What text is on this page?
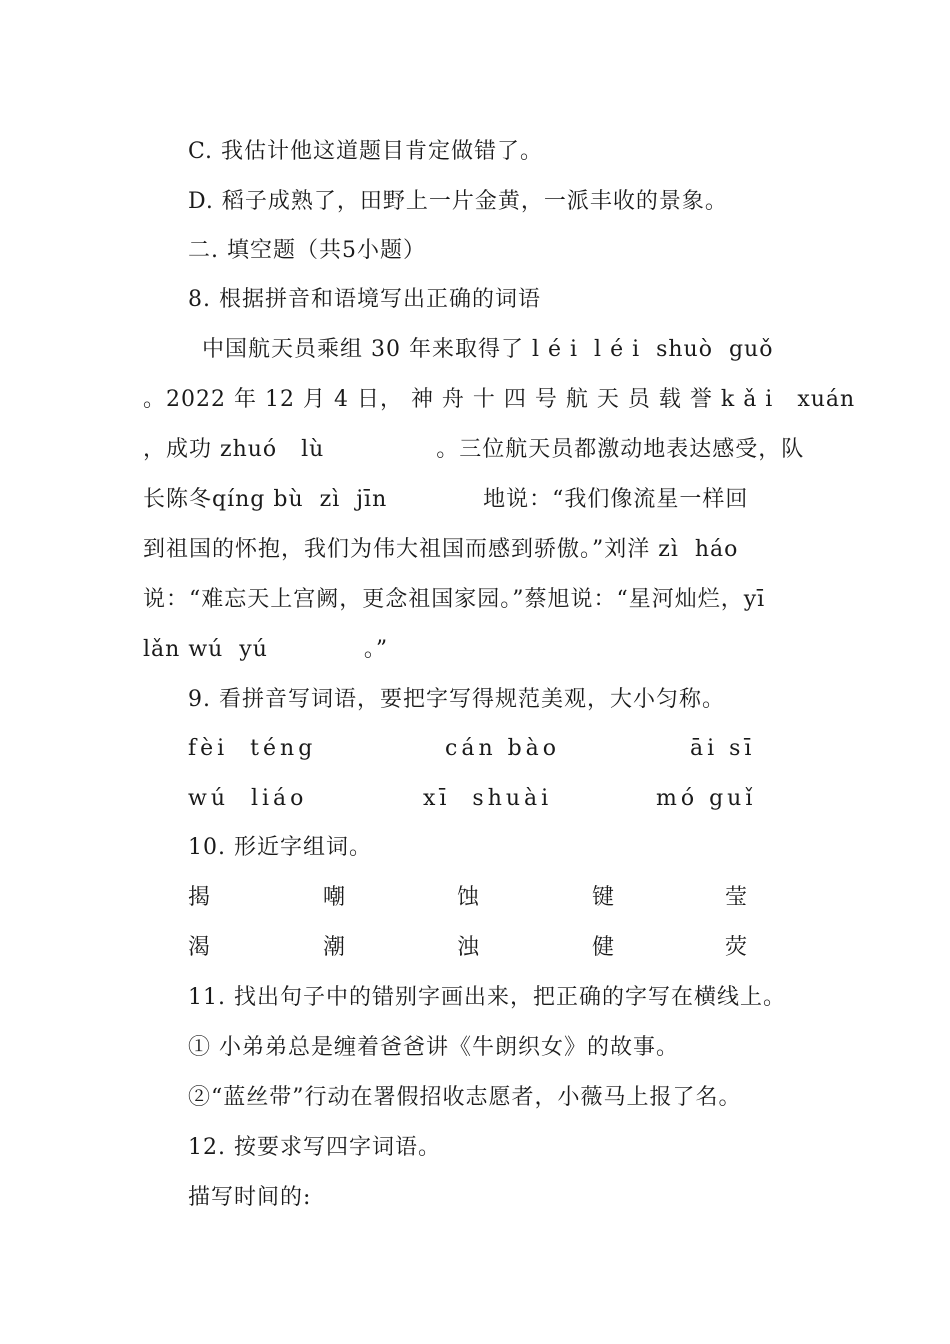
C. 我估计他这道题目肯定做错了。
D. 稻子成熟了，田野上一片金黄，一派丰收的景象。
二. 填空题（共5小题）
8. 根据拼音和语境写出正确的词语
中国航天员乘组 30 年来取得了 l é i  l é i  shuò  guǒ
。2022 年 12 月 4 日， 神 舟 十 四 号 航 天 员 载 誉 k ǎ i   xuán
，成功 zhuó   lù              。三位航天员都激动地表达感受，队
长陈冬qíng bù  zì  jīn            地说：“我们像流星一样回
到祖国的怀抱，我们为伟大祖国而感到骄傲。”刘洋 zì  háo
说：“难忘天上宫阙，更念祖国家园。”蔡旭说：“星河灿烂，yī
lǎn wú  yú            。”
9. 看拼音写词语，要把字写得规范美观，大小匀称。
fèi  téng	cán bào	āi sī
wú  liáo	xī  shuài	mó guǐ
10. 形近字组词。
揭	嘲	蚀	键	莹
渴	潮	浊	健	荧
11. 找出句子中的错别字画出来，把正确的字写在横线上。
① 小弟弟总是缠着爸爸讲《牛朗织女》的故事。
②“蓝丝带”行动在署假招收志愿者，小薇马上报了名。
12. 按要求写四字词语。
描写时间的:
